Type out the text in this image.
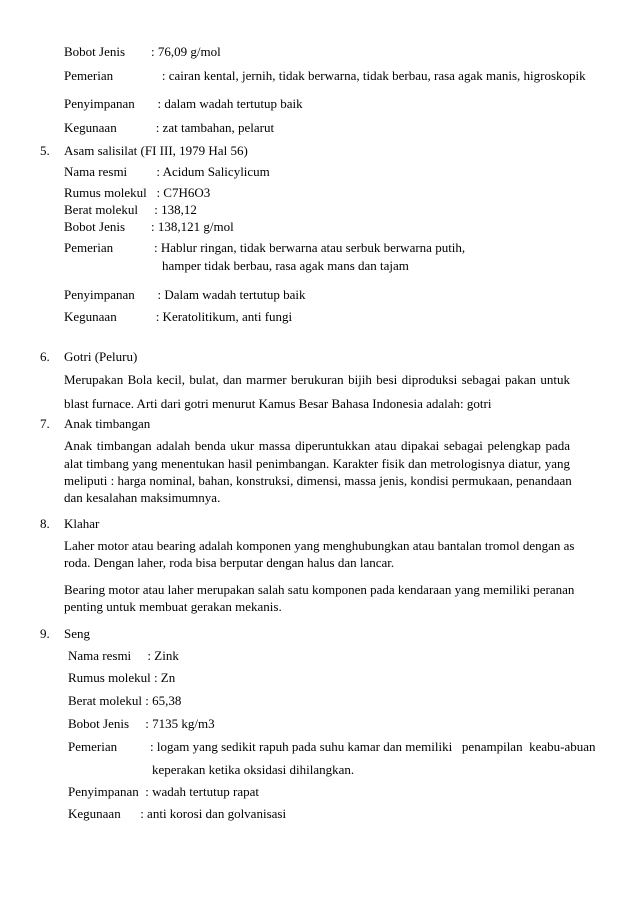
Bobot Jenis        : 76,09 g/mol
Pemerian               : cairan kental, jernih, tidak berwarna, tidak berbau, rasa agak manis, higroskopik
Penyimpanan       : dalam wadah tertutup baik
Kegunaan            : zat tambahan, pelarut
5. Asam salisilat (FI III, 1979 Hal 56)
Nama resmi         : Acidum Salicylicum
Rumus molekul   : C7H6O3
Berat molekul     : 138,12
Bobot Jenis        : 138,121 g/mol
Pemerian	: Hablur ringan, tidak berwarna atau serbuk berwarna putih,
hamper tidak berbau, rasa agak mans dan tajam
Penyimpanan       : Dalam wadah tertutup baik
Kegunaan            : Keratolitikum, anti fungi
6. Gotri (Peluru)
Merupakan Bola kecil, bulat, dan marmer berukuran bijih besi diproduksi sebagai pakan untuk
blast furnace. Arti dari gotri menurut Kamus Besar Bahasa Indonesia adalah: gotri
7. Anak timbangan
Anak timbangan adalah benda ukur massa diperuntukkan atau dipakai sebagai pelengkap pada
alat timbang yang menentukan hasil penimbangan. Karakter fisik dan metrologisnya diatur, yang
meliputi : harga nominal, bahan, konstruksi, dimensi, massa jenis, kondisi permukaan, penandaan
dan kesalahan maksimumnya.
8. Klahar
Laher motor atau bearing adalah komponen yang menghubungkan atau bantalan tromol dengan as
roda. Dengan laher, roda bisa berputar dengan halus dan lancar.
Bearing motor atau laher merupakan salah satu komponen pada kendaraan yang memiliki peranan
penting untuk membuat gerakan mekanis.
9. Seng
Nama resmi     : Zink
Rumus molekul : Zn
Berat molekul : 65,38
Bobot Jenis     : 7135 kg/m3
Pemerian	: logam yang sedikit rapuh pada suhu kamar dan memiliki   penampilan  keabu-abuan
keperakan ketika oksidasi dihilangkan.
Penyimpanan  : wadah tertutup rapat
Kegunaan      : anti korosi dan golvanisasi
